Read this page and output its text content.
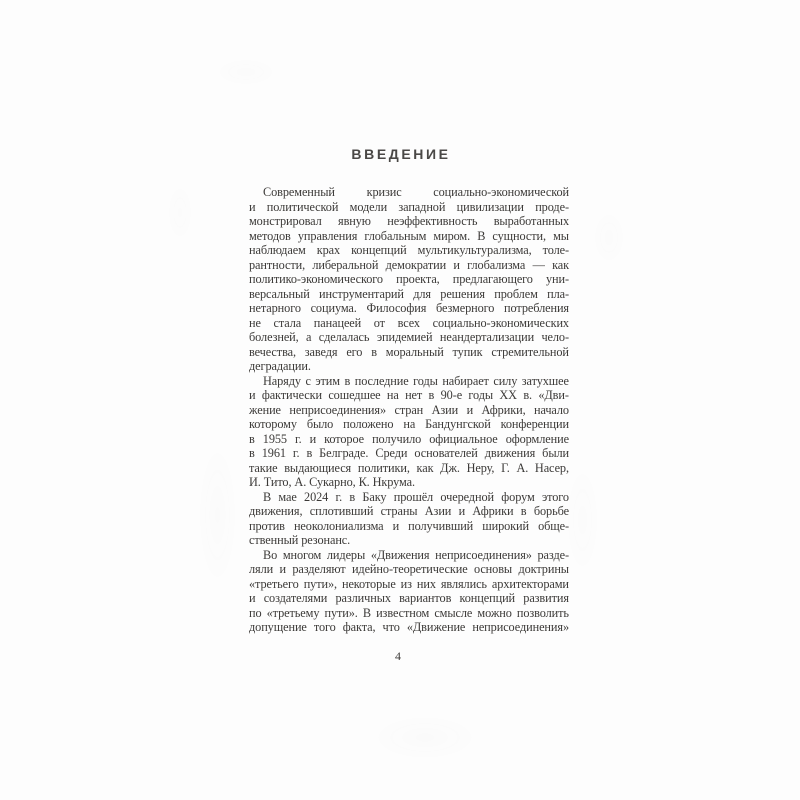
ВВЕДЕНИЕ
Современный	кризис	социально-экономической
и политической модели западной цивилизации проде-
монстрировал явную неэффективность выработанных
методов управления глобальным миром. В сущности, мы
наблюдаем крах концепций мультикультурализма, толе-
рантности, либеральной демократии и глобализма — как
политико-экономического проекта, предлагающего уни-
версальный инструментарий для решения проблем пла-
нетарного социума. Философия безмерного потребления
не стала панацеей от всех социально-экономических
болезней, а сделалась эпидемией неандертализации чело-
вечества, заведя его в моральный тупик стремительной
деградации.
Наряду с этим в последние годы набирает силу затухшее
и фактически сошедшее на нет в 90-е годы XX в. «Дви-
жение неприсоединения» стран Азии и Африки, начало
которому было положено на Бандунгской конференции
в 1955 г. и которое получило официальное оформление
в 1961 г. в Белграде. Среди основателей движения были
такие выдающиеся политики, как Дж. Неру, Г. А. Насер,
И. Тито, А. Сукарно, К. Нкрума.
В мае 2024 г. в Баку прошёл очередной форум этого
движения, сплотивший страны Азии и Африки в борьбе
против неоколониализма и получивший широкий обще-
ственный резонанс.
Во многом лидеры «Движения неприсоединения» разде-
ляли и разделяют идейно-теоретические основы доктрины
«третьего пути», некоторые из них являлись архитекторами
и создателями различных вариантов концепций развития
по «третьему пути». В известном смысле можно позволить
допущение того факта, что «Движение неприсоединения»
4
